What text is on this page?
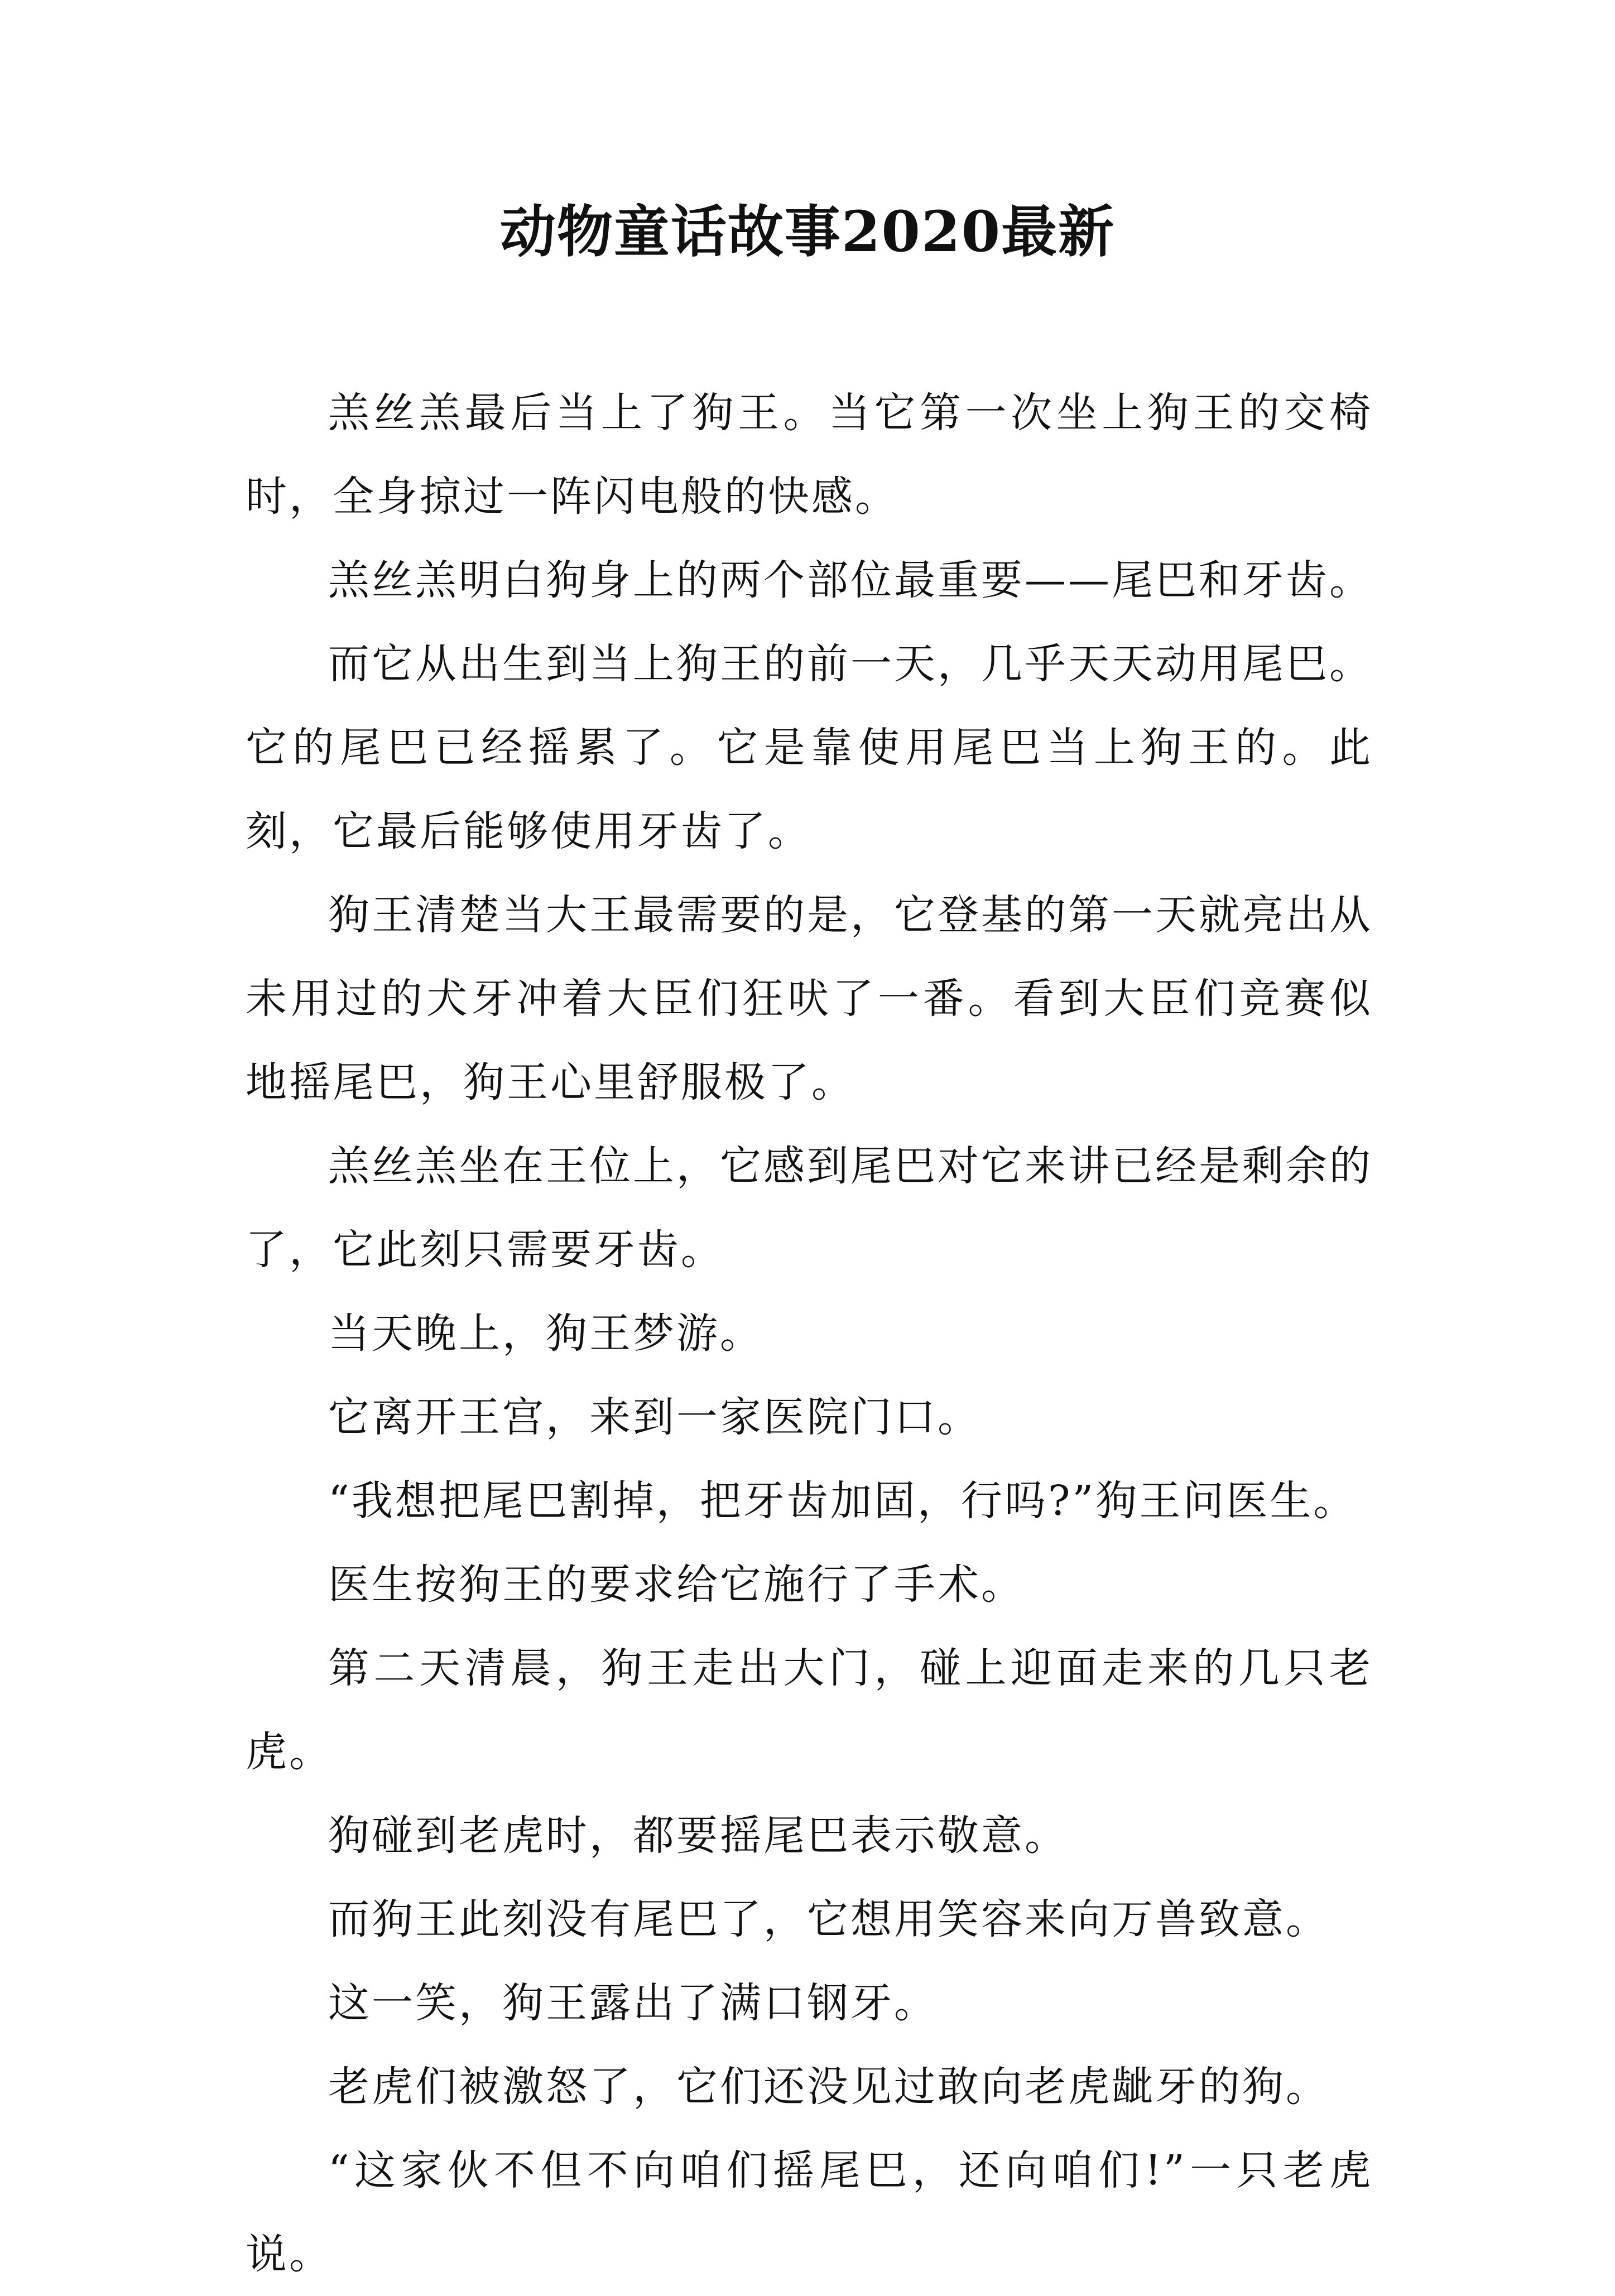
动物童话故事2020最新

羔丝羔最后当上了狗王。当它第一次坐上狗王的交椅时，全身掠过一阵闪电般的快感。

羔丝羔明白狗身上的两个部位最重要——尾巴和牙齿。

而它从出生到当上狗王的前一天，几乎天天动用尾巴。它的尾巴已经摇累了。它是靠使用尾巴当上狗王的。此刻，它最后能够使用牙齿了。

狗王清楚当大王最需要的是，它登基的第一天就亮出从未用过的犬牙冲着大臣们狂吠了一番。看到大臣们竞赛似地摇尾巴，狗王心里舒服极了。

羔丝羔坐在王位上，它感到尾巴对它来讲已经是剩余的了，它此刻只需要牙齿。

当天晚上，狗王梦游。

它离开王宫，来到一家医院门口。

“我想把尾巴割掉，把牙齿加固，行吗?”狗王问医生。

医生按狗王的要求给它施行了手术。

第二天清晨，狗王走出大门，碰上迎面走来的几只老虎。

狗碰到老虎时，都要摇尾巴表示敬意。

而狗王此刻没有尾巴了，它想用笑容来向万兽致意。

这一笑，狗王露出了满口钢牙。

老虎们被激怒了，它们还没见过敢向老虎龇牙的狗。

“这家伙不但不向咱们摇尾巴，还向咱们!”一只老虎说。
